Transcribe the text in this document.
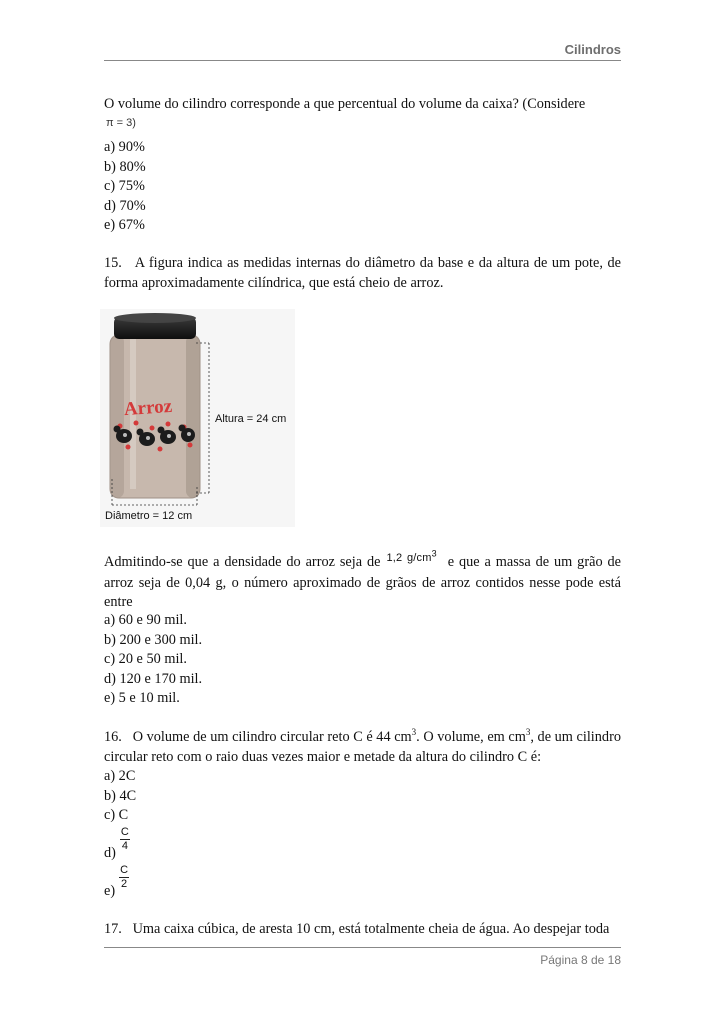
Cilindros
O volume do cilindro corresponde a que percentual do volume da caixa? (Considere
π = 3)
a) 90%
b) 80%
c) 75%
d) 70%
e) 67%
15. A figura indica as medidas internas do diâmetro da base e da altura de um pote, de forma aproximadamente cilíndrica, que está cheio de arroz.
Arroz	Altura = 24 cm
Diâmetro = 12 cm
Admitindo-se que a densidade do arroz seja de $^{1,2 g/cm^3}$ e que a massa de um grão de arroz seja de 0,04 g, o número aproximado de grãos de arroz contidos nesse pode está entre
a) 60 e 90 mil.
b) 200 e 300 mil.
c) 20 e 50 mil.
d) 120 e 170 mil.
e) 5 e 10 mil.
16. O volume de um cilindro circular reto C é 44 $cm^3$. O volume, em $cm^3$, de um cilindro circular reto com o raio duas vezes maior e metade da altura do cilindro C é:
a) 2C
b) 4C
c) C
$d) \frac{C}{4}$
$e) \frac{C}{2}$
17. Uma caixa cúbica, de aresta 10 cm, está totalmente cheia de água. Ao despejar toda
Página 8 de 18
